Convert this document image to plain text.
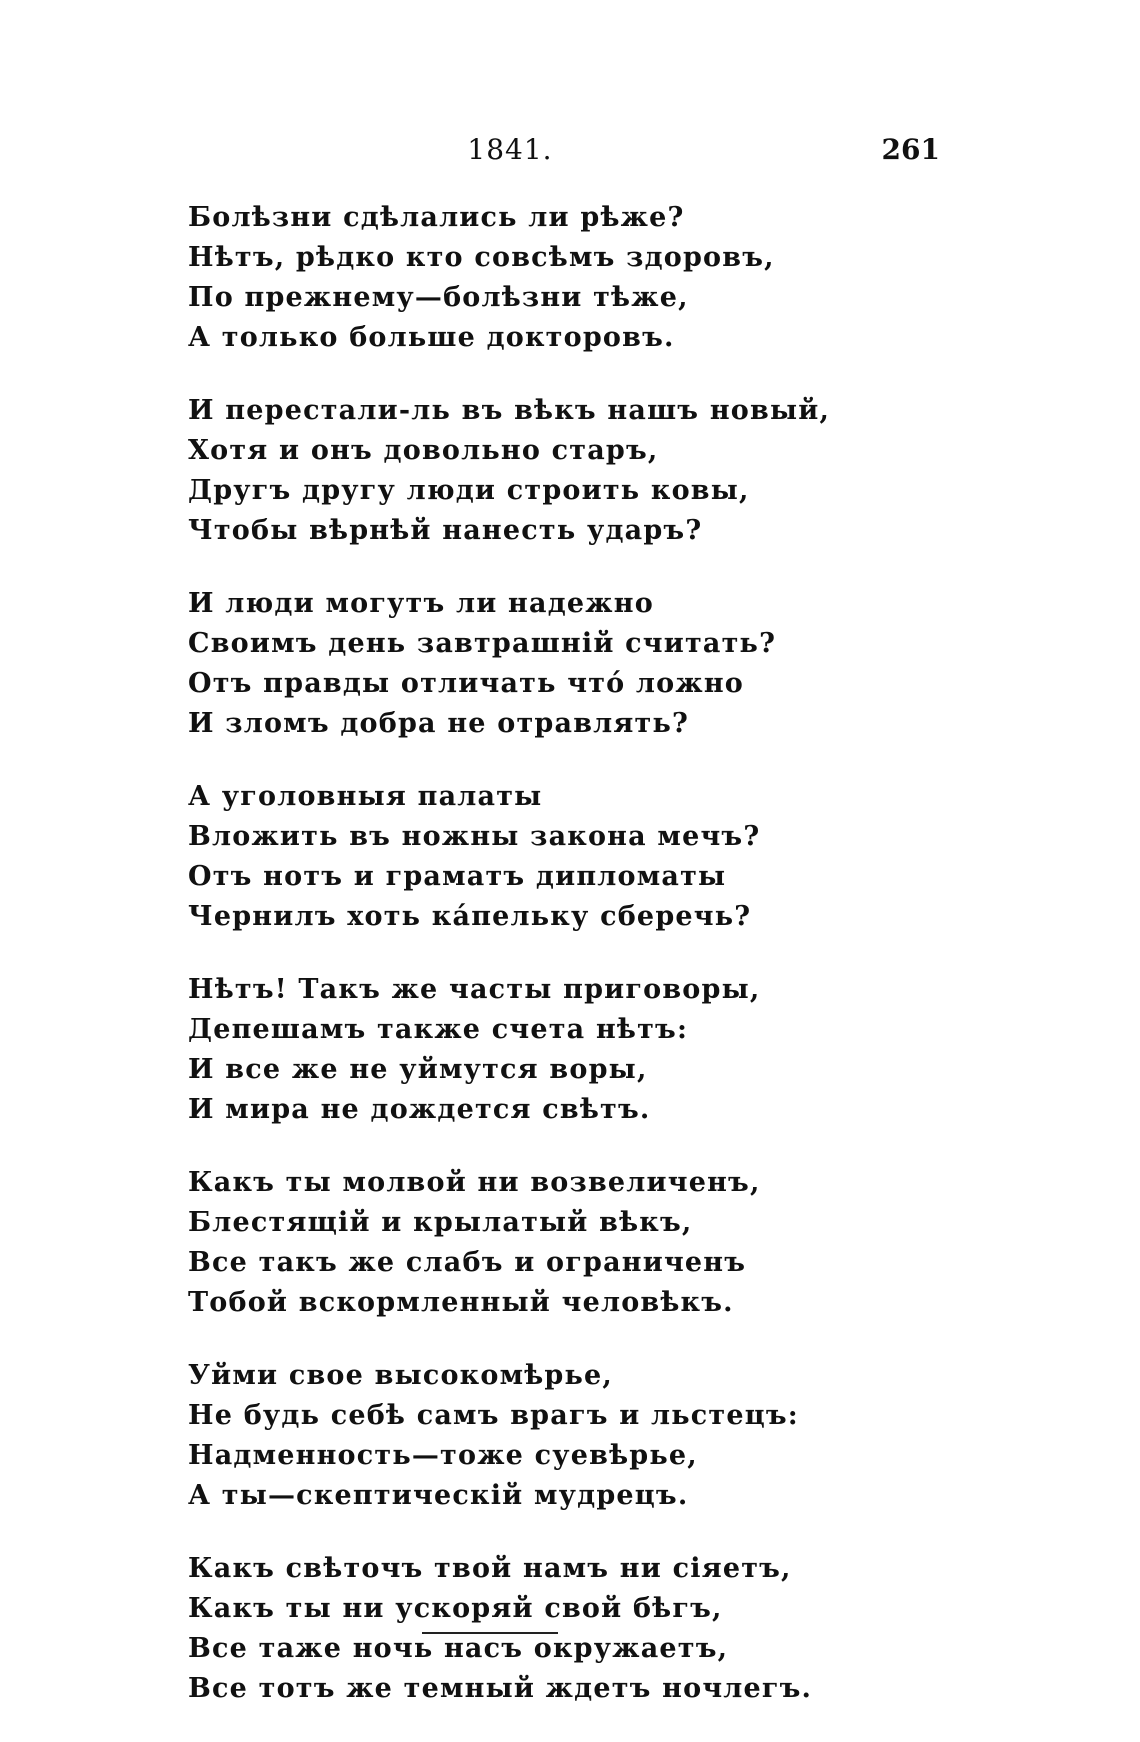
1841.	261
Болѣзни сдѣлались ли рѣже?
Нѣтъ, рѣдко кто совсѣмъ здоровъ,
По прежнему—болѣзни тѣже,
А только больше докторовъ.
И перестали-ль въ вѣкъ нашъ новый,
Хотя и онъ довольно старъ,
Другъ другу люди строить ковы,
Чтобы вѣрнѣй нанесть ударъ?
И люди могутъ ли надежно
Своимъ день завтрашній считать?
Отъ правды отличать чтó ложно
И зломъ добра не отравлять?
А уголовныя палаты
Вложить въ ножны закона мечъ?
Отъ нотъ и граматъ дипломаты
Чернилъ хоть кáпельку сберечь?
Нѣтъ! Такъ же часты приговоры,
Депешамъ также счета нѣтъ:
И все же не уймутся воры,
И мира не дождется свѣтъ.
Какъ ты молвой ни возвеличенъ,
Блестящій и крылатый вѣкъ,
Все такъ же слабъ и ограниченъ
Тобой вскормленный человѣкъ.
Уйми свое высокомѣрье,
Не будь себѣ самъ врагъ и льстецъ:
Надменность—тоже суевѣрье,
А ты—скептическій мудрецъ.
Какъ свѣточъ твой намъ ни сіяетъ,
Какъ ты ни ускоряй свой бѣгъ,
Все таже ночь насъ окружаетъ,
Все тотъ же темный ждетъ ночлегъ.
